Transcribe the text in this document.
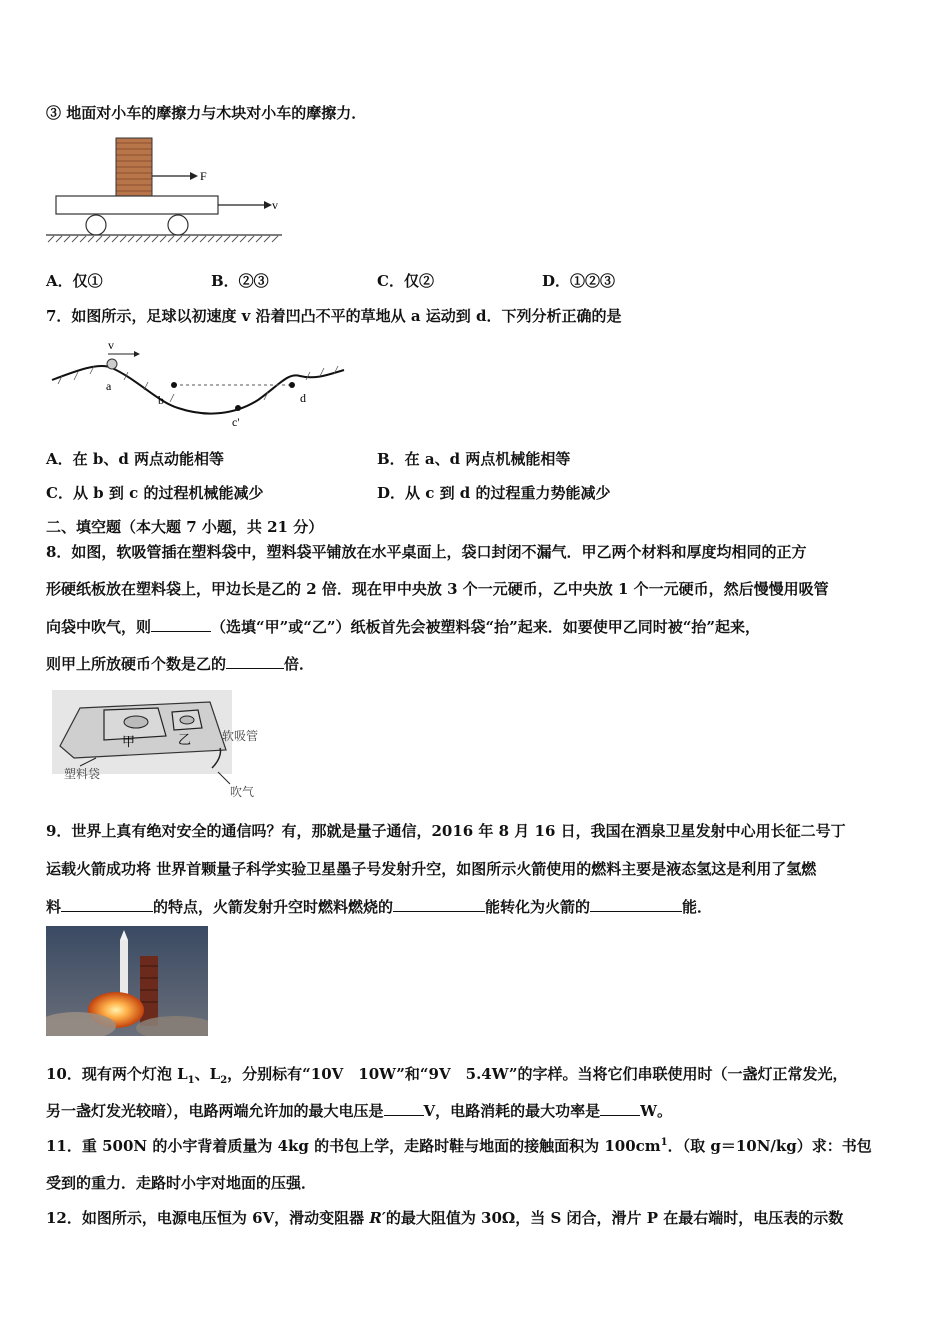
③ 地面对小车的摩擦力与木块对小车的摩擦力．
F
v
A．仅①	B．②③	C．仅②	D．①②③
7．如图所示，足球以初速度 v 沿着凹凸不平的草地从 a 运动到 d．下列分析正确的是
v
a
b
c'
d
A．在 b、d 两点动能相等	B．在 a、d 两点机械能相等
C．从 b 到 c 的过程机械能减少	D．从 c 到 d 的过程重力势能减少
二、填空题（本大题 7 小题，共 21 分）
8．如图，软吸管插在塑料袋中，塑料袋平铺放在水平桌面上，袋口封闭不漏气．甲乙两个材料和厚度均相同的正方
形硬纸板放在塑料袋上，甲边长是乙的 2 倍．现在甲中央放 3 个一元硬币，乙中央放 1 个一元硬币，然后慢慢用吸管
向袋中吹气，则	（选填“甲”或“乙”）纸板首先会被塑料袋“抬”起来．如要使甲乙同时被“抬”起来，
则甲上所放硬币个数是乙的	倍．
甲	乙	软吸管
塑料袋
吹气
9．世界上真有绝对安全的通信吗？有，那就是量子通信，2016 年 8 月 16 日，我国在酒泉卫星发射中心用长征二号丁
运载火箭成功将 世界首颗量子科学实验卫星墨子号发射升空，如图所示火箭使用的燃料主要是液态氢这是利用了氢燃
料	的特点，火箭发射升空时燃料燃烧的	能转化为火箭的	能．
10．现有两个灯泡 $L_1$、$L_2$，分别标有“10V　10W”和“9V　5.4W”的字样。当将它们串联使用时（一盏灯正常发光，
另一盏灯发光较暗），电路两端允许加的最大电压是	V，电路消耗的最大功率是	W。
11．重 500N 的小宇背着质量为 4kg 的书包上学，走路时鞋与地面的接触面积为 $100cm^1$．（取 g＝10N/kg）求：书包
受到的重力．走路时小宇对地面的压强．
12．如图所示，电源电压恒为 6V，滑动变阻器 R′的最大阻值为 30Ω，当 S 闭合，滑片 P 在最右端时，电压表的示数
